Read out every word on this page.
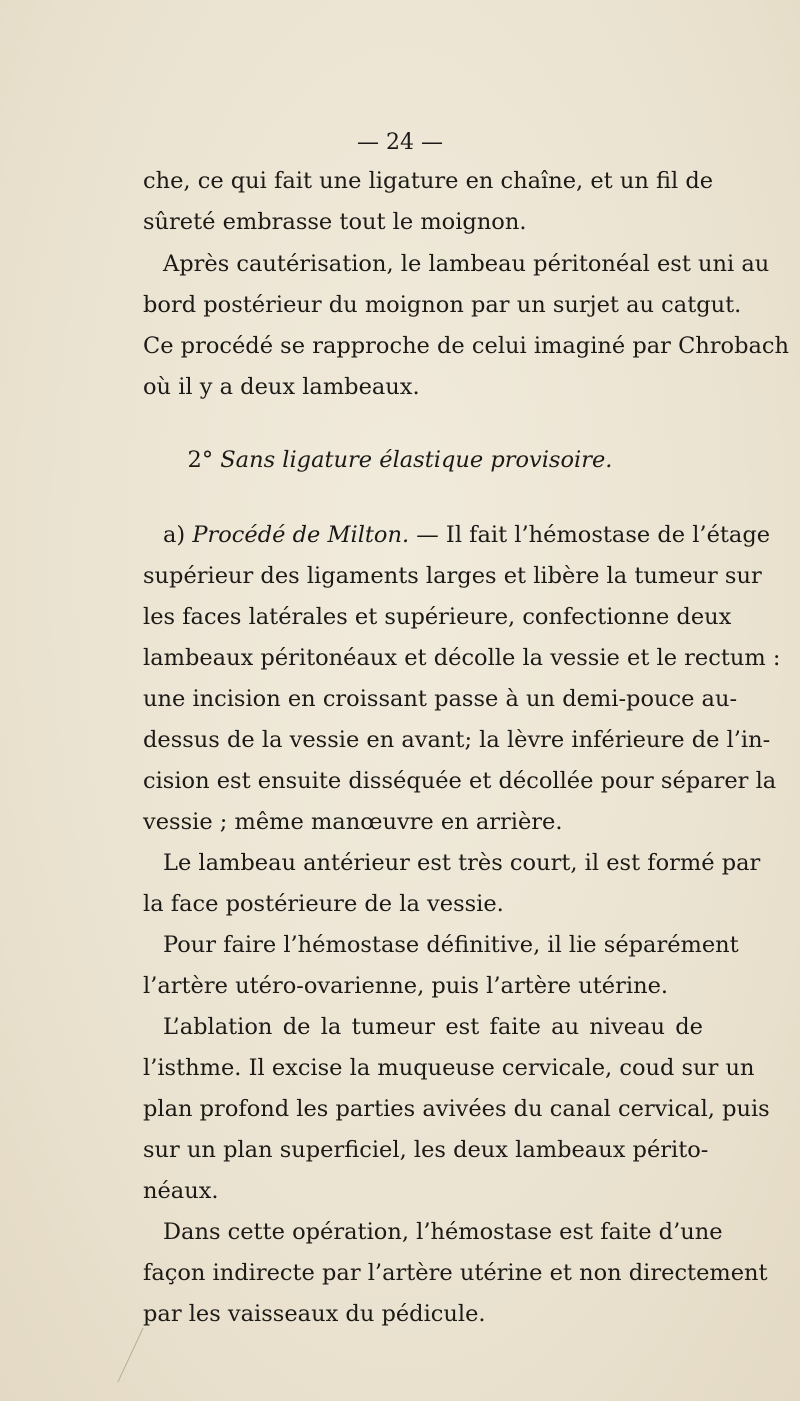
— 24 —
che, ce qui fait une ligature en chaîne, et un fil de
sûreté embrasse tout le moignon.
Après cautérisation, le lambeau péritonéal est uni au
bord postérieur du moignon par un surjet au catgut.
Ce procédé se rapproche de celui imaginé par Chrobach
où il y a deux lambeaux.
2° Sans ligature élastique provisoire.
a) Procédé de Milton. — Il fait l’hémostase de l’étage
supérieur des ligaments larges et libère la tumeur sur
les faces latérales et supérieure, confectionne deux
lambeaux péritonéaux et décolle la vessie et le rectum :
une incision en croissant passe à un demi-pouce au-
dessus de la vessie en avant; la lèvre inférieure de l’in-
cision est ensuite disséquée et décollée pour séparer la
vessie ; même manœuvre en arrière.
Le lambeau antérieur est très court, il est formé par
la face postérieure de la vessie.
Pour faire l’hémostase définitive, il lie séparément
l’artère utéro-ovarienne, puis l’artère utérine.
L’ablation de la tumeur est faite au niveau de
l’isthme. Il excise la muqueuse cervicale, coud sur un
plan profond les parties avivées du canal cervical, puis
sur un plan superficiel, les deux lambeaux périto-
néaux.
Dans cette opération, l’hémostase est faite d’une
façon indirecte par l’artère utérine et non directement
par les vaisseaux du pédicule.
